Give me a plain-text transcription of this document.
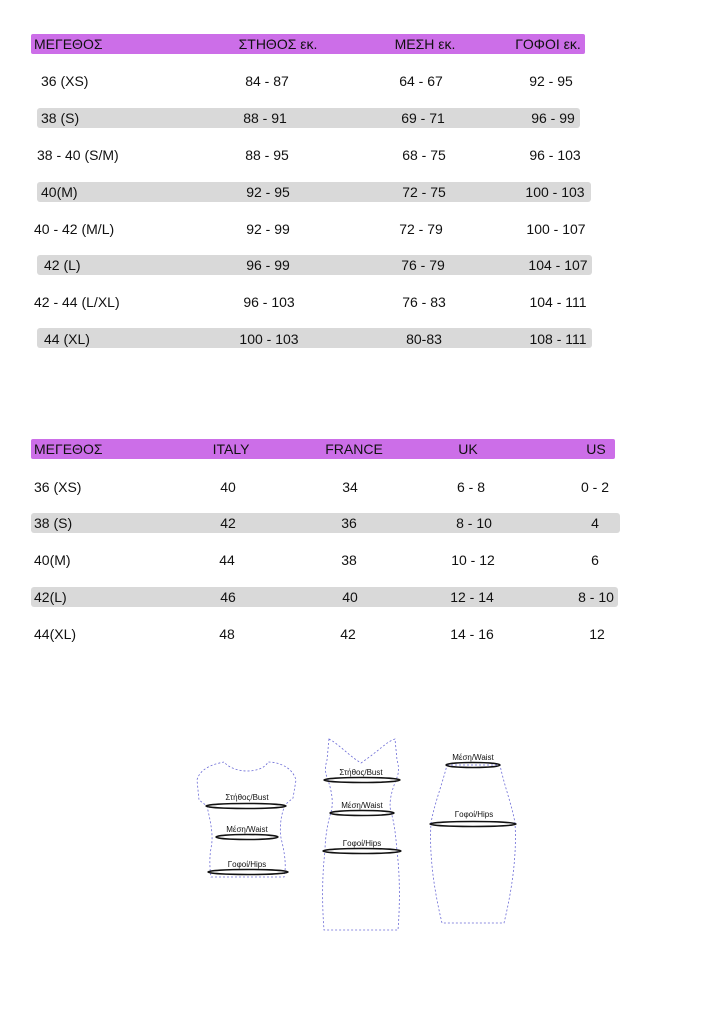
ΜΕΓΕΘΟΣ	ΣΤΗΘΟΣ εκ.	ΜΕΣΗ εκ.	ΓΟΦΟΙ εκ.
36 (XS)	84 - 87	64 - 67	92 - 95
38 (S)	88 - 91	69 - 71	96 - 99
38 - 40 (S/M)	88 - 95	68 - 75	96 - 103
40(M)	92 - 95	72 - 75	100 - 103
40 - 42 (M/L)	92 - 99	72 - 79	100 - 107
42 (L)	96 - 99	76 - 79	104 - 107
42 - 44 (L/XL)	96 - 103	76 - 83	104 - 111
44 (XL)	100 - 103	80-83	108 - 111
ΜΕΓΕΘΟΣ	ITALY	FRANCE	UK	US
36 (XS)	40	34	6 - 8	0 - 2
38 (S)	42	36	8 - 10	4
40(M)	44	38	10 - 12	6
42(L)	46	40	12 - 14	8 - 10
44(XL)	48	42	14 - 16	12
Στήθος/Bust
Μέση/Waist
Γοφοί/Hips
Στήθος/Bust
Μέση/Waist
Γοφοί/Hips
Μέση/Waist
Γοφοί/Hips
